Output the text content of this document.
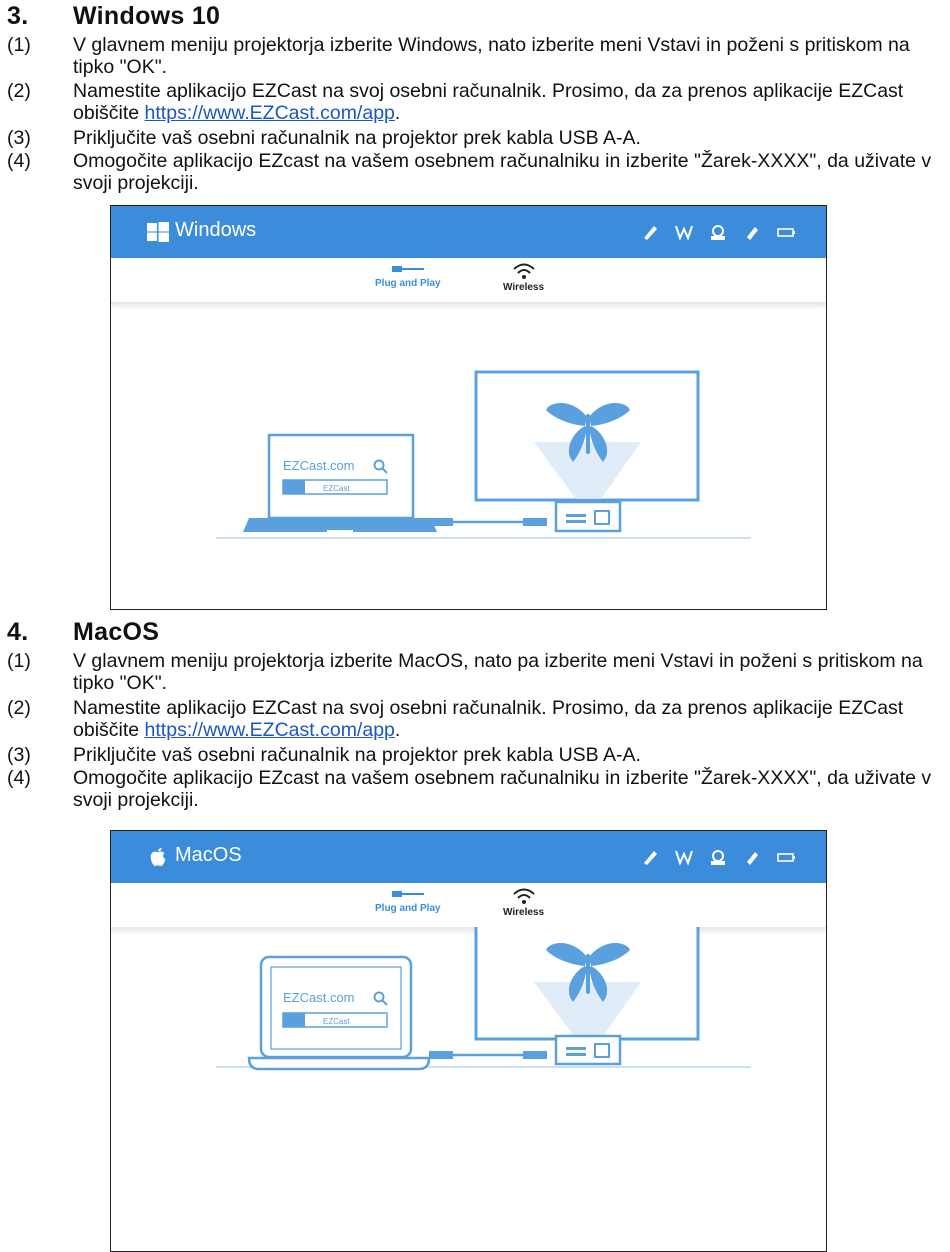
3. Windows 10
(1) V glavnem meniju projektorja izberite Windows, nato izberite meni Vstavi in poženi s pritiskom na tipko "OK".
(2) Namestite aplikacijo EZCast na svoj osebni računalnik. Prosimo, da za prenos aplikacije EZCast obiščite https://www.EZCast.com/app.
(3) Priključite vaš osebni računalnik na projektor prek kabla USB A-A.
(4) Omogočite aplikacijo EZcast na vašem osebnem računalniku in izberite "Žarek-XXXX", da uživate v svoji projekciji.
Windows
Plug and Play	Wireless
EZCast.com
EZCast
4. MacOS
(1) V glavnem meniju projektorja izberite MacOS, nato pa izberite meni Vstavi in poženi s pritiskom na tipko "OK".
(2) Namestite aplikacijo EZCast na svoj osebni računalnik. Prosimo, da za prenos aplikacije EZCast obiščite https://www.EZCast.com/app.
(3) Priključite vaš osebni računalnik na projektor prek kabla USB A-A.
(4) Omogočite aplikacijo EZcast na vašem osebnem računalniku in izberite "Žarek-XXXX", da uživate v svoji projekciji.
MacOS
Plug and Play	Wireless
EZCast.com
EZCast
